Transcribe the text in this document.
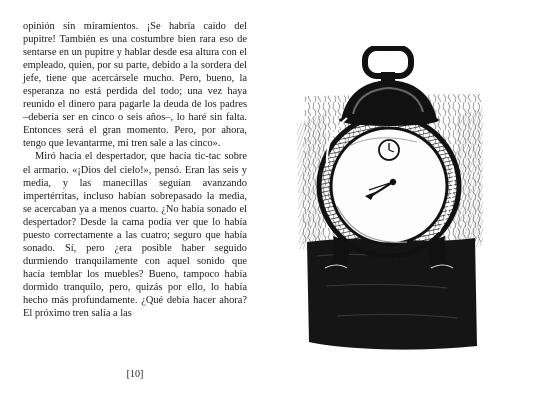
opinión sin miramientos. ¡Se habría caído del pupitre! También es una costumbre bien rara eso de sentarse en un pupitre y hablar desde esa altura con el empleado, quien, por su parte, debido a la sordera del jefe, tiene que acercársele mucho. Pero, bueno, la esperanza no está perdida del todo; una vez haya reunido el dinero para pagarle la deuda de los padres –debería ser en cinco o seis años–, lo haré sin falta. Entonces será el gran momento. Pero, por ahora, tengo que levantarme, mi tren sale a las cinco».

Miró hacia el despertador, que hacía tic-tac sobre el armario. «¡Dios del cielo!», pensó. Eran las seis y media, y las manecillas seguían avanzando impertérritas, incluso habían sobrepasado la media, se acercaban ya a menos cuarto. ¿No había sonado el despertador? Desde la cama podía ver que lo había puesto correctamente a las cuatro; seguro que había sonado. Sí, pero ¿era posible haber seguido durmiendo tranquilamente con aquel sonido que hacía temblar los muebles? Bueno, tampoco había dormido tranquilo, pero, quizás por ello, lo había hecho más profundamente. ¿Qué debía hacer ahora? El próximo tren salía a las

[10]
